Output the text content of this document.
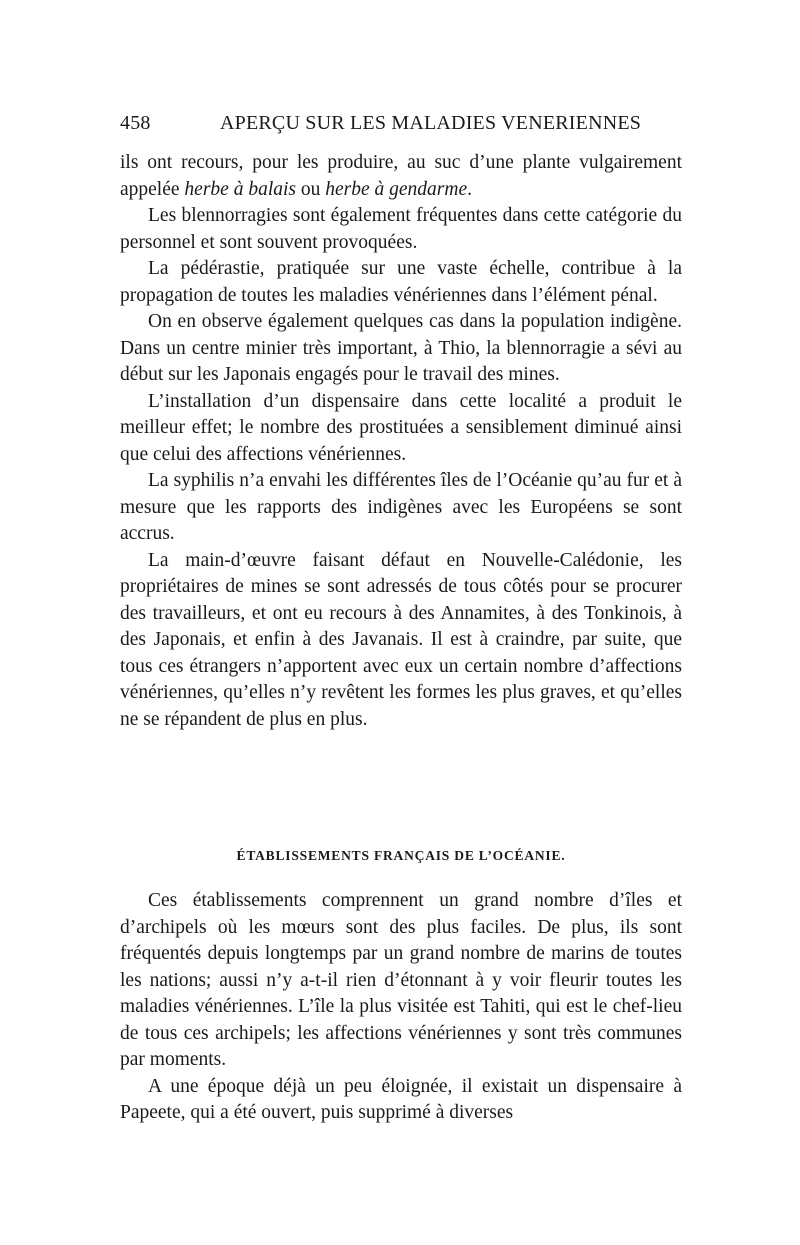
458	APERÇU SUR LES MALADIES VENERIENNES

ils ont recours, pour les produire, au suc d’une plante vulgairement appelée herbe à balais ou herbe à gendarme.

Les blennorragies sont également fréquentes dans cette catégorie du personnel et sont souvent provoquées.

La pédérastie, pratiquée sur une vaste échelle, contribue à la propagation de toutes les maladies vénériennes dans l’élément pénal.

On en observe également quelques cas dans la population indigène. Dans un centre minier très important, à Thio, la blennorragie a sévi au début sur les Japonais engagés pour le travail des mines.

L’installation d’un dispensaire dans cette localité a produit le meilleur effet; le nombre des prostituées a sensiblement diminué ainsi que celui des affections vénériennes.

La syphilis n’a envahi les différentes îles de l’Océanie qu’au fur et à mesure que les rapports des indigènes avec les Européens se sont accrus.

La main-d’œuvre faisant défaut en Nouvelle-Calédonie, les propriétaires de mines se sont adressés de tous côtés pour se procurer des travailleurs, et ont eu recours à des Annamites, à des Tonkinois, à des Japonais, et enfin à des Javanais. Il est à craindre, par suite, que tous ces étrangers n’apportent avec eux un certain nombre d’affections vénériennes, qu’elles n’y revêtent les formes les plus graves, et qu’elles ne se répandent de plus en plus.

ÉTABLISSEMENTS FRANÇAIS DE L’OCÉANIE.

Ces établissements comprennent un grand nombre d’îles et d’archipels où les mœurs sont des plus faciles. De plus, ils sont fréquentés depuis longtemps par un grand nombre de marins de toutes les nations; aussi n’y a-t-il rien d’étonnant à y voir fleurir toutes les maladies vénériennes. L’île la plus visitée est Tahiti, qui est le chef-lieu de tous ces archipels; les affections vénériennes y sont très communes par moments.

A une époque déjà un peu éloignée, il existait un dispensaire à Papeete, qui a été ouvert, puis supprimé à diverses
